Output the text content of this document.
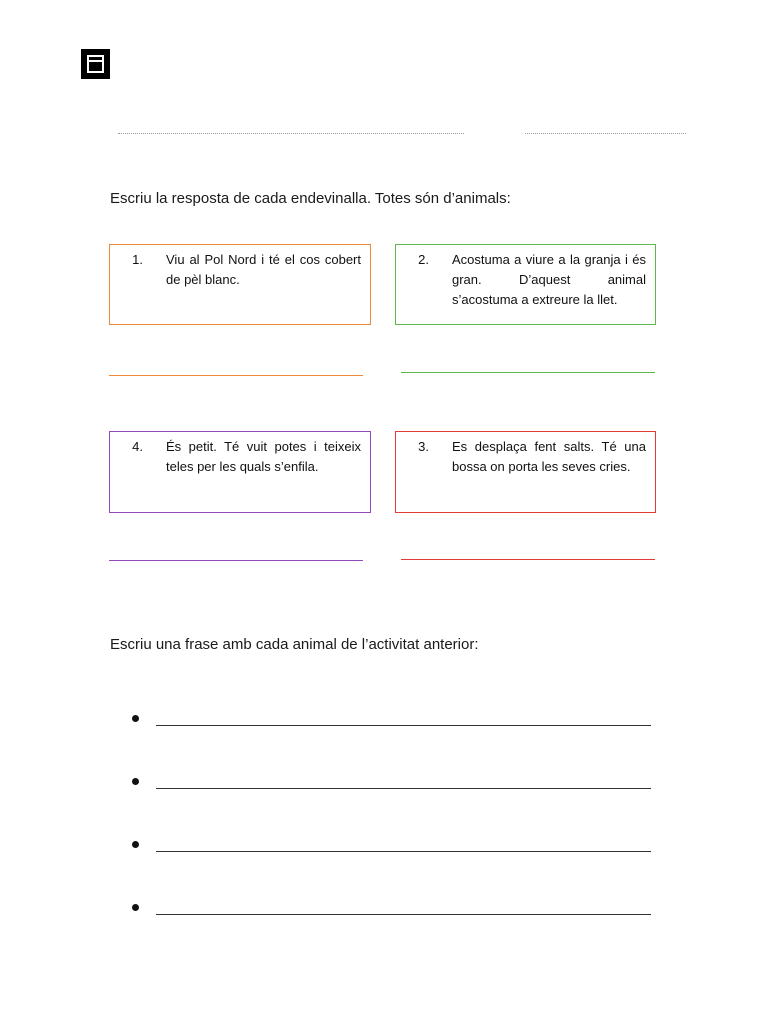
Escriu la resposta de cada endevinalla. Totes són d’animals:
1. Viu al Pol Nord i té el cos cobert de pèl blanc.
2. Acostuma a viure a la granja i és gran. D’aquest animal s’acostuma a extreure la llet.
4. És petit. Té vuit potes i teixeix teles per les quals s’enfila.
3. Es desplaça fent salts. Té una bossa on porta les seves cries.
Escriu una frase amb cada animal de l’activitat anterior:
